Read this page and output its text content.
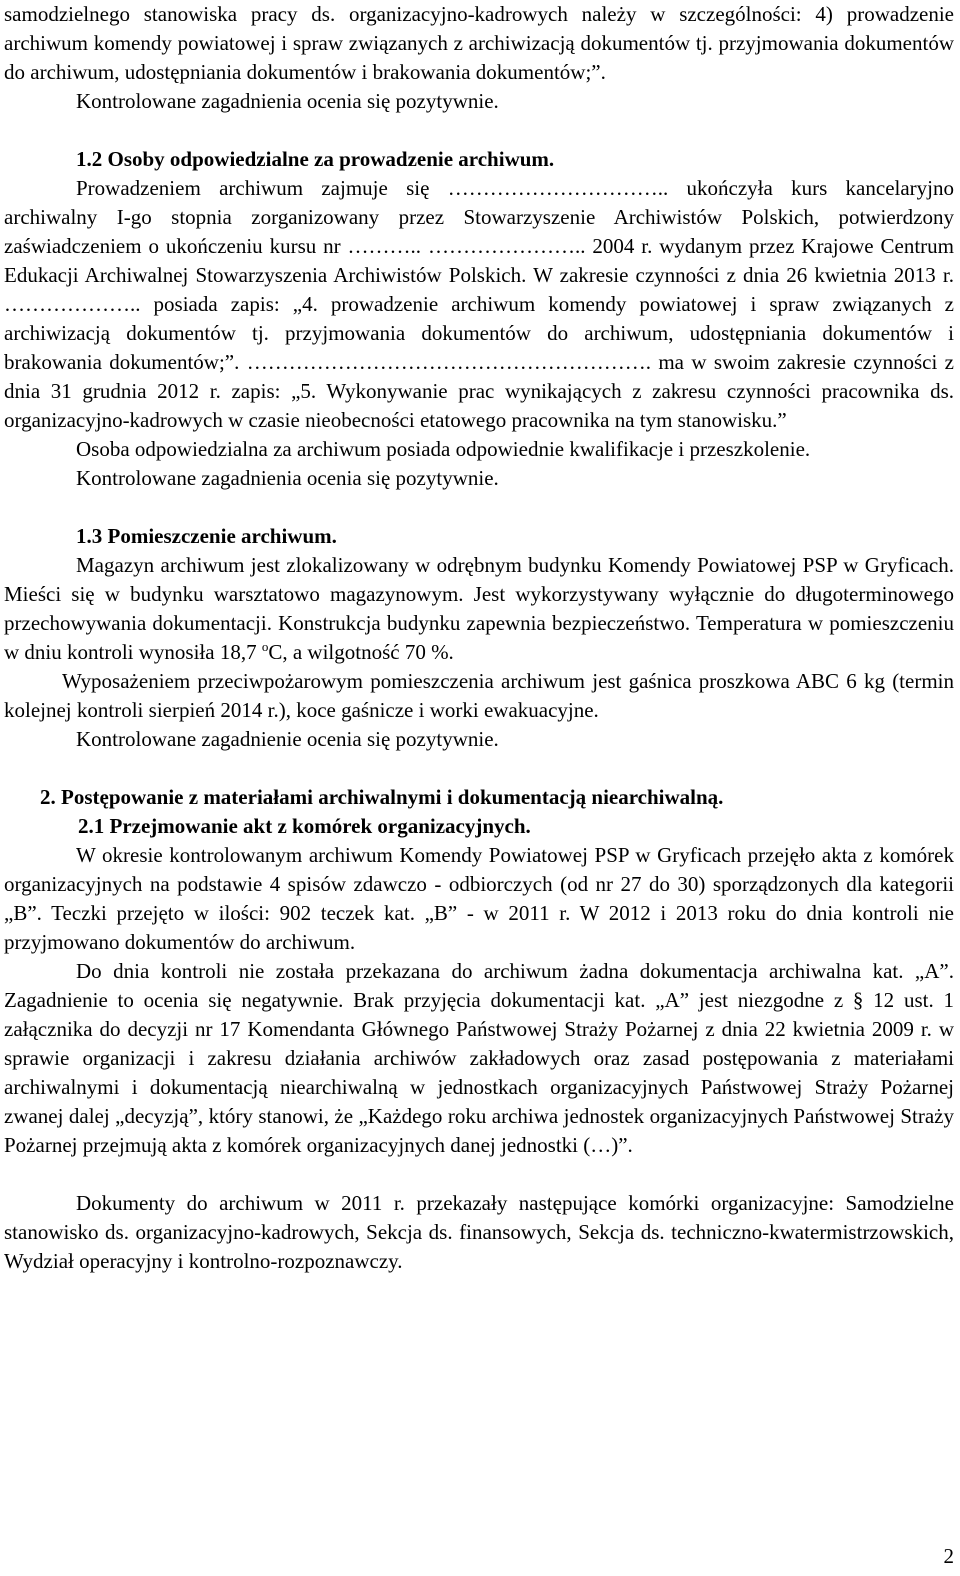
samodzielnego stanowiska pracy ds. organizacyjno-kadrowych należy w szczególności: 4) prowadzenie archiwum komendy powiatowej i spraw związanych z archiwizacją dokumentów tj. przyjmowania dokumentów do archiwum, udostępniania dokumentów i brakowania dokumentów;”.

Kontrolowane zagadnienia ocenia się pozytywnie.

1.2 Osoby odpowiedzialne za prowadzenie archiwum.

Prowadzeniem archiwum zajmuje się ………………………….. ukończyła kurs kancelaryjno archiwalny I-go stopnia zorganizowany przez Stowarzyszenie Archiwistów Polskich, potwierdzony zaświadczeniem o ukończeniu kursu nr ……….. ………………….. 2004 r. wydanym przez Krajowe Centrum Edukacji Archiwalnej Stowarzyszenia Archiwistów Polskich. W zakresie czynności z dnia 26 kwietnia 2013 r. ……………….. posiada zapis: „4. prowadzenie archiwum komendy powiatowej i spraw związanych z archiwizacją dokumentów tj. przyjmowania dokumentów do archiwum, udostępniania dokumentów i brakowania dokumentów;”. …………………………………………………. ma w swoim zakresie czynności z dnia 31 grudnia 2012 r. zapis: „5. Wykonywanie prac wynikających z zakresu czynności pracownika ds. organizacyjno-kadrowych w czasie nieobecności etatowego pracownika na tym stanowisku.”

Osoba odpowiedzialna za archiwum posiada odpowiednie kwalifikacje i przeszkolenie.

Kontrolowane zagadnienia ocenia się pozytywnie.

1.3 Pomieszczenie archiwum.

Magazyn archiwum jest zlokalizowany w odrębnym budynku Komendy Powiatowej PSP w Gryficach. Mieści się w budynku warsztatowo magazynowym. Jest wykorzystywany wyłącznie do długoterminowego przechowywania dokumentacji. Konstrukcja budynku zapewnia bezpieczeństwo. Temperatura w pomieszczeniu w dniu kontroli wynosiła 18,7 $^o$C, a wilgotność 70 %.

Wyposażeniem przeciwpożarowym pomieszczenia archiwum jest gaśnica proszkowa ABC 6 kg (termin kolejnej kontroli sierpień 2014 r.), koce gaśnicze i worki ewakuacyjne.

Kontrolowane zagadnienie ocenia się pozytywnie.

2. Postępowanie z materiałami archiwalnymi i dokumentacją niearchiwalną.

2.1 Przejmowanie akt z komórek organizacyjnych.

W okresie kontrolowanym archiwum Komendy Powiatowej PSP w Gryficach przejęło akta z komórek organizacyjnych na podstawie 4 spisów zdawczo - odbiorczych (od nr 27 do 30) sporządzonych dla kategorii „B”. Teczki przejęto w ilości: 902 teczek kat. „B” - w 2011 r. W 2012 i 2013 roku do dnia kontroli nie przyjmowano dokumentów do archiwum.

Do dnia kontroli nie została przekazana do archiwum żadna dokumentacja archiwalna kat. „A”. Zagadnienie to ocenia się negatywnie. Brak przyjęcia dokumentacji kat. „A” jest niezgodne z § 12 ust. 1 załącznika do decyzji nr 17 Komendanta Głównego Państwowej Straży Pożarnej z dnia 22 kwietnia 2009 r. w sprawie organizacji i zakresu działania archiwów zakładowych oraz zasad postępowania z materiałami archiwalnymi i dokumentacją niearchiwalną w jednostkach organizacyjnych Państwowej Straży Pożarnej zwanej dalej „decyzją”, który stanowi, że „Każdego roku archiwa jednostek organizacyjnych Państwowej Straży Pożarnej przejmują akta z komórek organizacyjnych danej jednostki (…)”.

Dokumenty do archiwum w 2011 r. przekazały następujące komórki organizacyjne: Samodzielne stanowisko ds. organizacyjno-kadrowych, Sekcja ds. finansowych, Sekcja ds. techniczno-kwatermistrzowskich, Wydział operacyjny i kontrolno-rozpoznawczy.

2
